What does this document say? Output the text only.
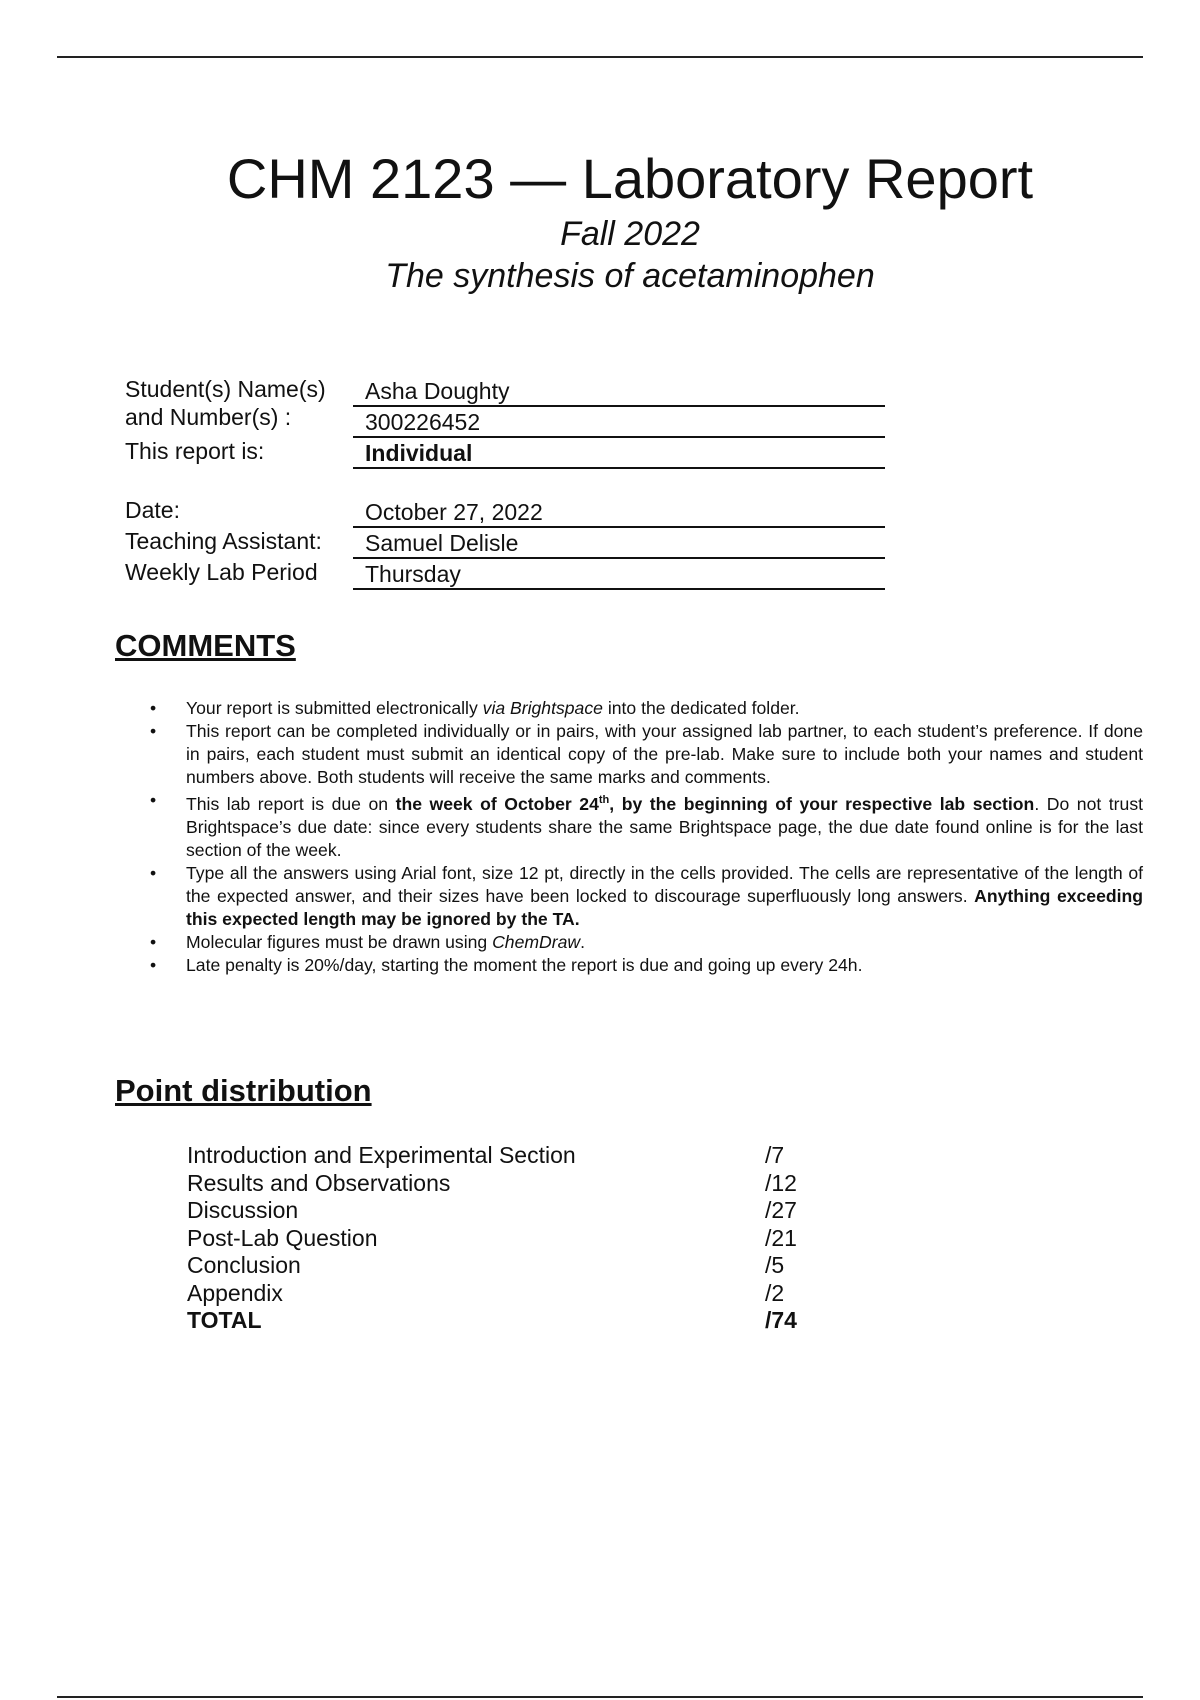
CHM 2123 — Laboratory Report
Fall 2022
The synthesis of acetaminophen
Student(s) Name(s)	Asha Doughty
and Number(s) :	300226452
This report is:	Individual
Date:	October 27, 2022
Teaching Assistant:	Samuel Delisle
Weekly Lab Period	Thursday
COMMENTS
• Your report is submitted electronically via Brightspace into the dedicated folder.
• This report can be completed individually or in pairs, with your assigned lab partner, to each student’s preference. If done in pairs, each student must submit an identical copy of the pre-lab. Make sure to include both your names and student numbers above. Both students will receive the same marks and comments.
• This lab report is due on the week of October 24th, by the beginning of your respective lab section. Do not trust Brightspace’s due date: since every students share the same Brightspace page, the due date found online is for the last section of the week.
• Type all the answers using Arial font, size 12 pt, directly in the cells provided. The cells are representative of the length of the expected answer, and their sizes have been locked to discourage superfluously long answers. Anything exceeding this expected length may be ignored by the TA.
• Molecular figures must be drawn using ChemDraw.
• Late penalty is 20%/day, starting the moment the report is due and going up every 24h.
Point distribution
Introduction and Experimental Section	/7
Results and Observations	/12
Discussion	/27
Post-Lab Question	/21
Conclusion	/5
Appendix	/2
TOTAL	/74
